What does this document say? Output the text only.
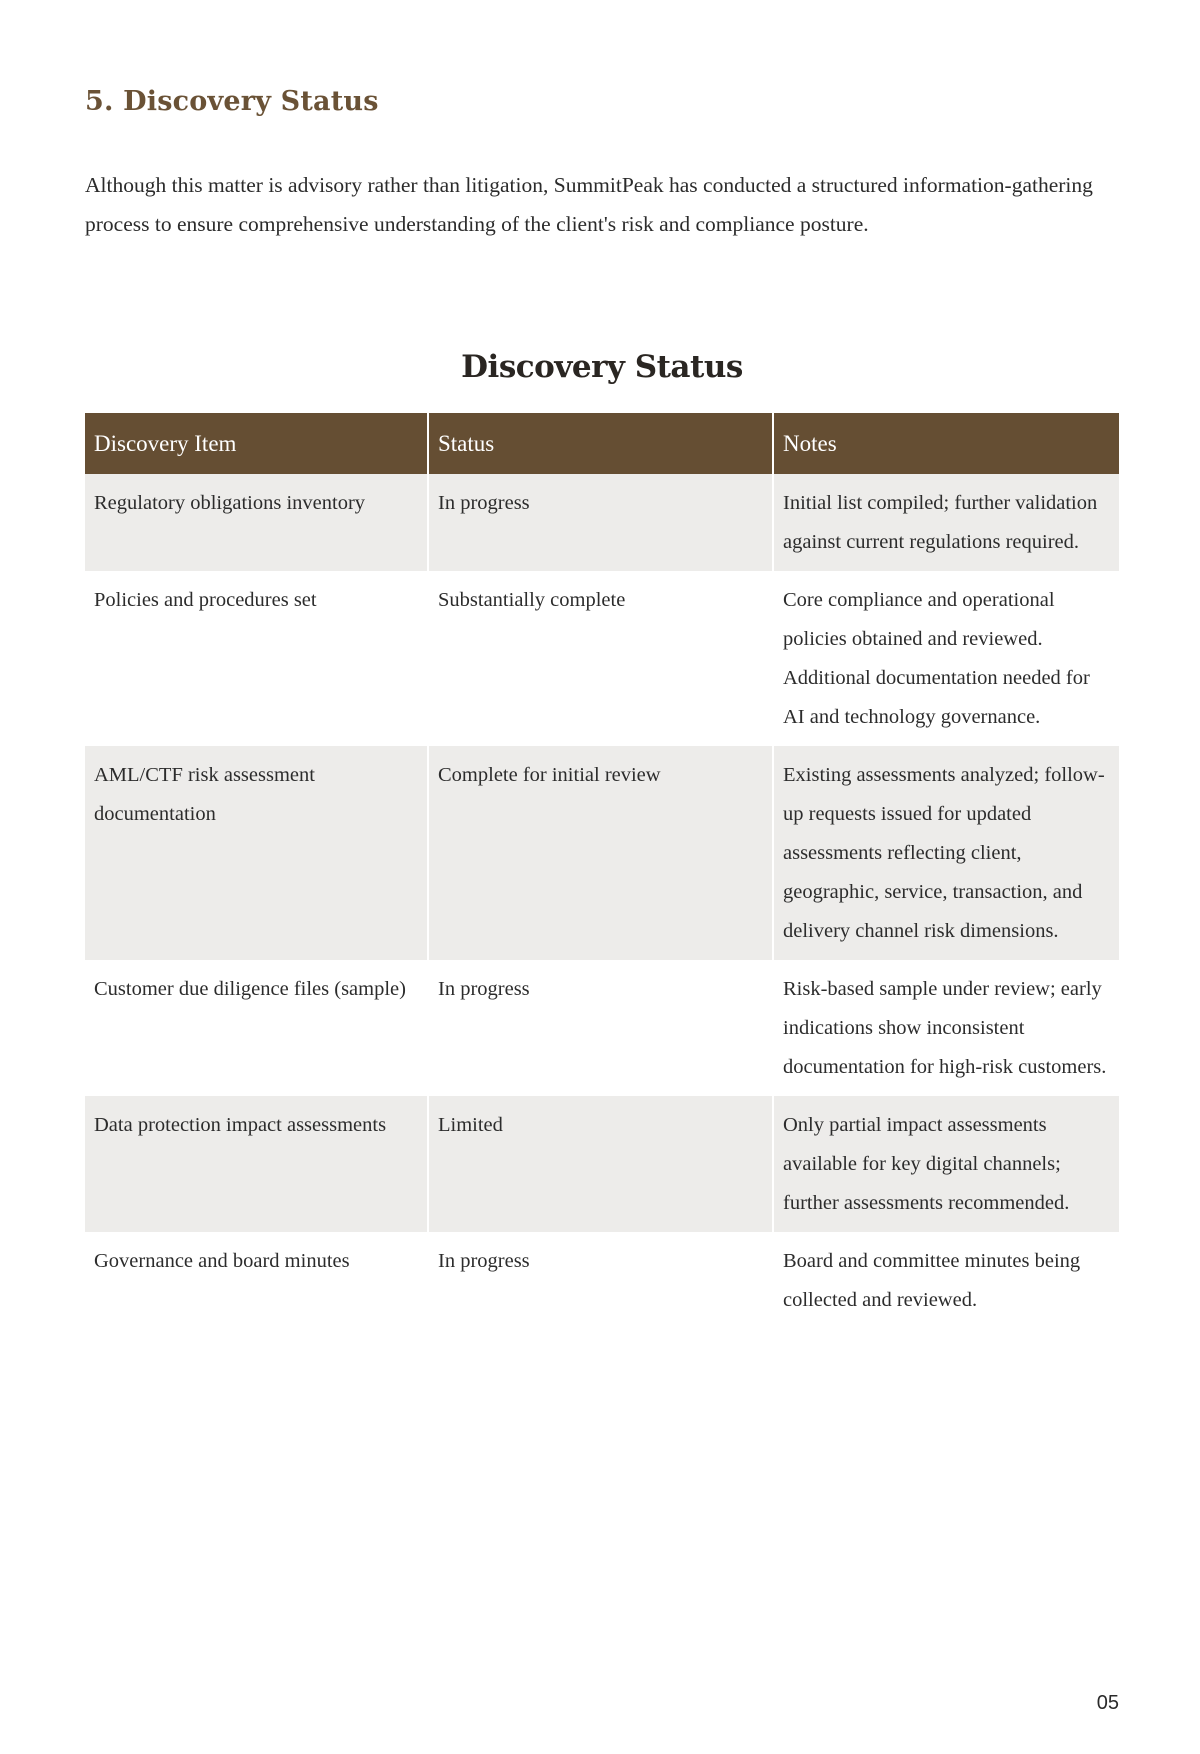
5. Discovery Status

Although this matter is advisory rather than litigation, SummitPeak has conducted a structured information-gathering process to ensure comprehensive understanding of the client's risk and compliance posture.

Discovery Status
Discovery Item	Status	Notes
Regulatory obligations inventory	In progress	Initial list compiled; further validation against current regulations required.
Policies and procedures set	Substantially complete	Core compliance and operational policies obtained and reviewed. Additional documentation needed for AI and technology governance.
AML/CTF risk assessment documentation	Complete for initial review	Existing assessments analyzed; follow-up requests issued for updated assessments reflecting client, geographic, service, transaction, and delivery channel risk dimensions.
Customer due diligence files (sample)	In progress	Risk-based sample under review; early indications show inconsistent documentation for high-risk customers.
Data protection impact assessments	Limited	Only partial impact assessments available for key digital channels; further assessments recommended.
Governance and board minutes	In progress	Board and committee minutes being collected and reviewed.
05
